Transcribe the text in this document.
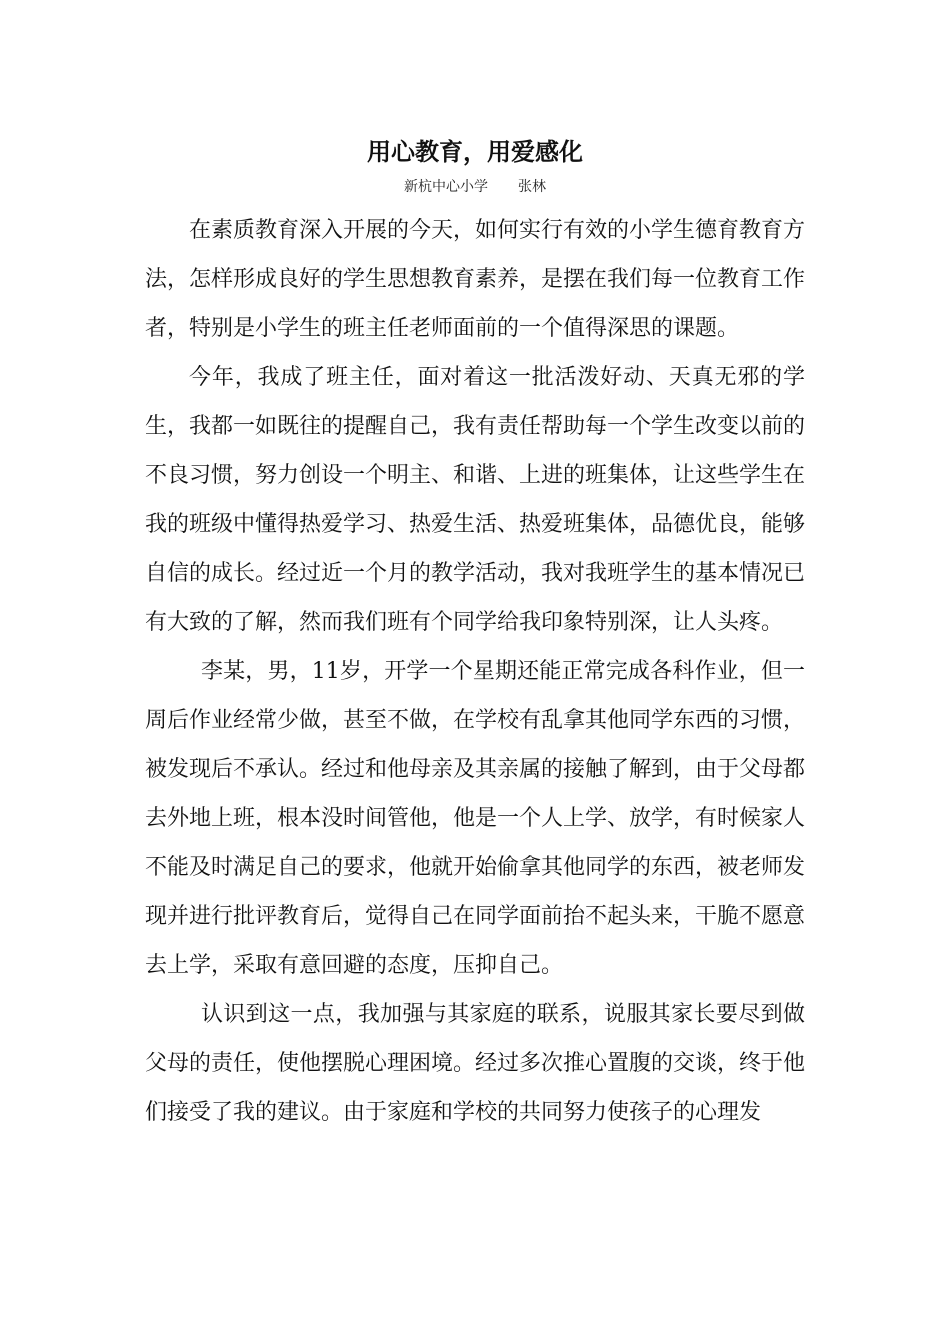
用心教育，用爱感化
新杭中心小学 张林

在素质教育深入开展的今天，如何实行有效的小学生德育教育方法，怎样形成良好的学生思想教育素养，是摆在我们每一位教育工作者，特别是小学生的班主任老师面前的一个值得深思的课题。

今年，我成了班主任，面对着这一批活泼好动、天真无邪的学生，我都一如既往的提醒自己，我有责任帮助每一个学生改变以前的不良习惯，努力创设一个明主、和谐、上进的班集体，让这些学生在我的班级中懂得热爱学习、热爱生活、热爱班集体，品德优良，能够自信的成长。经过近一个月的教学活动，我对我班学生的基本情况已有大致的了解，然而我们班有个同学给我印象特别深，让人头疼。

李某，男，11岁，开学一个星期还能正常完成各科作业，但一周后作业经常少做，甚至不做，在学校有乱拿其他同学东西的习惯，被发现后不承认。经过和他母亲及其亲属的接触了解到，由于父母都去外地上班，根本没时间管他，他是一个人上学、放学，有时候家人不能及时满足自己的要求，他就开始偷拿其他同学的东西，被老师发现并进行批评教育后，觉得自己在同学面前抬不起头来，干脆不愿意去上学，采取有意回避的态度，压抑自己。

认识到这一点，我加强与其家庭的联系，说服其家长要尽到做父母的责任，使他摆脱心理困境。经过多次推心置腹的交谈，终于他们接受了我的建议。由于家庭和学校的共同努力使孩子的心理发
